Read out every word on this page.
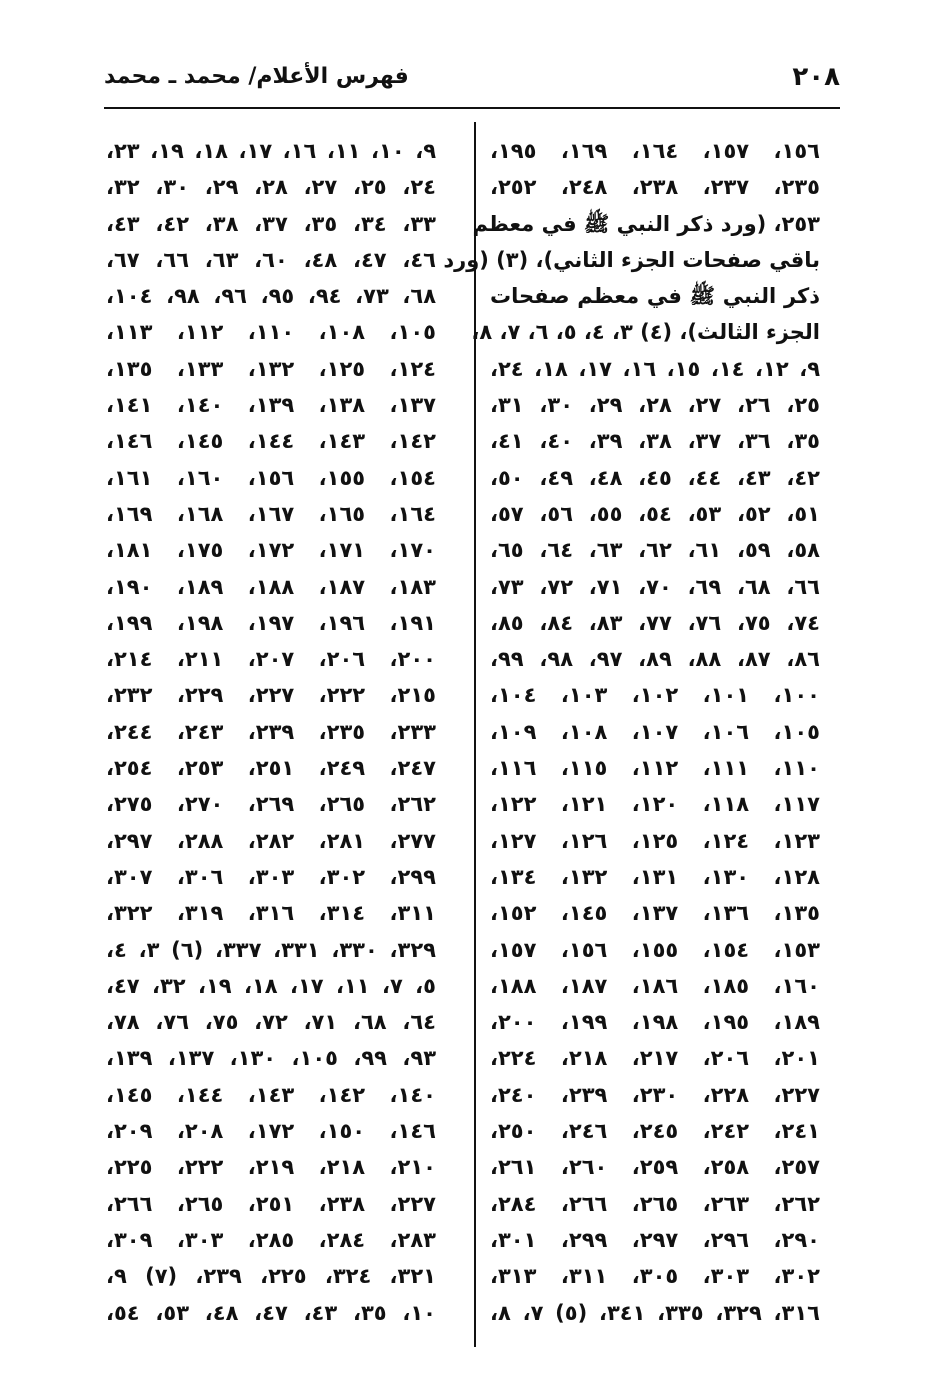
٢٠٨
فهرس الأعلام/ محمد ـ محمد
١٥٦، ١٥٧، ١٦٤، ١٦٩، ١٩٥،
٢٣٥، ٢٣٧، ٢٣٨، ٢٤٨، ٢٥٢،
٢٥٣، (ورد ذكر النبي ﷺ في معظم
باقي صفحات الجزء الثاني)، (٣) (ورد
ذكر النبي ﷺ في معظم صفحات
الجزء الثالث)، (٤) ٣، ٤، ٥، ٦، ٧، ٨،
٩، ١٢، ١٤، ١٥، ١٦، ١٧، ١٨، ٢٤،
٢٥، ٢٦، ٢٧، ٢٨، ٢٩، ٣٠، ٣١،
٣٥، ٣٦، ٣٧، ٣٨، ٣٩، ٤٠، ٤١،
٤٢، ٤٣، ٤٤، ٤٥، ٤٨، ٤٩، ٥٠،
٥١، ٥٢، ٥٣، ٥٤، ٥٥، ٥٦، ٥٧،
٥٨، ٥٩، ٦١، ٦٢، ٦٣، ٦٤، ٦٥،
٦٦، ٦٨، ٦٩، ٧٠، ٧١، ٧٢، ٧٣،
٧٤، ٧٥، ٧٦، ٧٧، ٨٣، ٨٤، ٨٥،
٨٦، ٨٧، ٨٨، ٨٩، ٩٧، ٩٨، ٩٩،
١٠٠، ١٠١، ١٠٢، ١٠٣، ١٠٤،
١٠٥، ١٠٦، ١٠٧، ١٠٨، ١٠٩،
١١٠، ١١١، ١١٢، ١١٥، ١١٦،
١١٧، ١١٨، ١٢٠، ١٢١، ١٢٢،
١٢٣، ١٢٤، ١٢٥، ١٢٦، ١٢٧،
١٢٨، ١٣٠، ١٣١، ١٣٢، ١٣٤،
١٣٥، ١٣٦، ١٣٧، ١٤٥، ١٥٢،
١٥٣، ١٥٤، ١٥٥، ١٥٦، ١٥٧،
١٦٠، ١٨٥، ١٨٦، ١٨٧، ١٨٨،
١٨٩، ١٩٥، ١٩٨، ١٩٩، ٢٠٠،
٢٠١، ٢٠٦، ٢١٧، ٢١٨، ٢٢٤،
٢٢٧، ٢٢٨، ٢٣٠، ٢٣٩، ٢٤٠،
٢٤١، ٢٤٢، ٢٤٥، ٢٤٦، ٢٥٠،
٢٥٧، ٢٥٨، ٢٥٩، ٢٦٠، ٢٦١،
٢٦٢، ٢٦٣، ٢٦٥، ٢٦٦، ٢٨٤،
٢٩٠، ٢٩٦، ٢٩٧، ٢٩٩، ٣٠١،
٣٠٢، ٣٠٣، ٣٠٥، ٣١١، ٣١٣،
٣١٦، ٣٢٩، ٣٣٥، ٣٤١، (٥) ٧، ٨،
٩، ١٠، ١١، ١٦، ١٧، ١٨، ١٩، ٢٣،
٢٤، ٢٥، ٢٧، ٢٨، ٢٩، ٣٠، ٣٢،
٣٣، ٣٤، ٣٥، ٣٧، ٣٨، ٤٢، ٤٣،
٤٦، ٤٧، ٤٨، ٦٠، ٦٣، ٦٦، ٦٧،
٦٨، ٧٣، ٩٤، ٩٥، ٩٦، ٩٨، ١٠٤،
١٠٥، ١٠٨، ١١٠، ١١٢، ١١٣،
١٢٤، ١٢٥، ١٣٢، ١٣٣، ١٣٥،
١٣٧، ١٣٨، ١٣٩، ١٤٠، ١٤١،
١٤٢، ١٤٣، ١٤٤، ١٤٥، ١٤٦،
١٥٤، ١٥٥، ١٥٦، ١٦٠، ١٦١،
١٦٤، ١٦٥، ١٦٧، ١٦٨، ١٦٩،
١٧٠، ١٧١، ١٧٢، ١٧٥، ١٨١،
١٨٣، ١٨٧، ١٨٨، ١٨٩، ١٩٠،
١٩١، ١٩٦، ١٩٧، ١٩٨، ١٩٩،
٢٠٠، ٢٠٦، ٢٠٧، ٢١١، ٢١٤،
٢١٥، ٢٢٢، ٢٢٧، ٢٢٩، ٢٣٢،
٢٣٣، ٢٣٥، ٢٣٩، ٢٤٣، ٢٤٤،
٢٤٧، ٢٤٩، ٢٥١، ٢٥٣، ٢٥٤،
٢٦٢، ٢٦٥، ٢٦٩، ٢٧٠، ٢٧٥،
٢٧٧، ٢٨١، ٢٨٢، ٢٨٨، ٢٩٧،
٢٩٩، ٣٠٢، ٣٠٣، ٣٠٦، ٣٠٧،
٣١١، ٣١٤، ٣١٦، ٣١٩، ٣٢٢،
٣٢٩، ٣٣٠، ٣٣١، ٣٣٧، (٦) ٣، ٤،
٥، ٧، ١١، ١٧، ١٨، ١٩، ٣٢، ٤٧،
٦٤، ٦٨، ٧١، ٧٢، ٧٥، ٧٦، ٧٨،
٩٣، ٩٩، ١٠٥، ١٣٠، ١٣٧، ١٣٩،
١٤٠، ١٤٢، ١٤٣، ١٤٤، ١٤٥،
١٤٦، ١٥٠، ١٧٢، ٢٠٨، ٢٠٩،
٢١٠، ٢١٨، ٢١٩، ٢٢٢، ٢٢٥،
٢٢٧، ٢٣٨، ٢٥١، ٢٦٥، ٢٦٦،
٢٨٣، ٢٨٤، ٢٨٥، ٣٠٣، ٣٠٩،
٣٢١، ٣٢٤، ٢٢٥، ٢٣٩، (٧) ٩،
١٠، ٣٥، ٤٣، ٤٧، ٤٨، ٥٣، ٥٤،
